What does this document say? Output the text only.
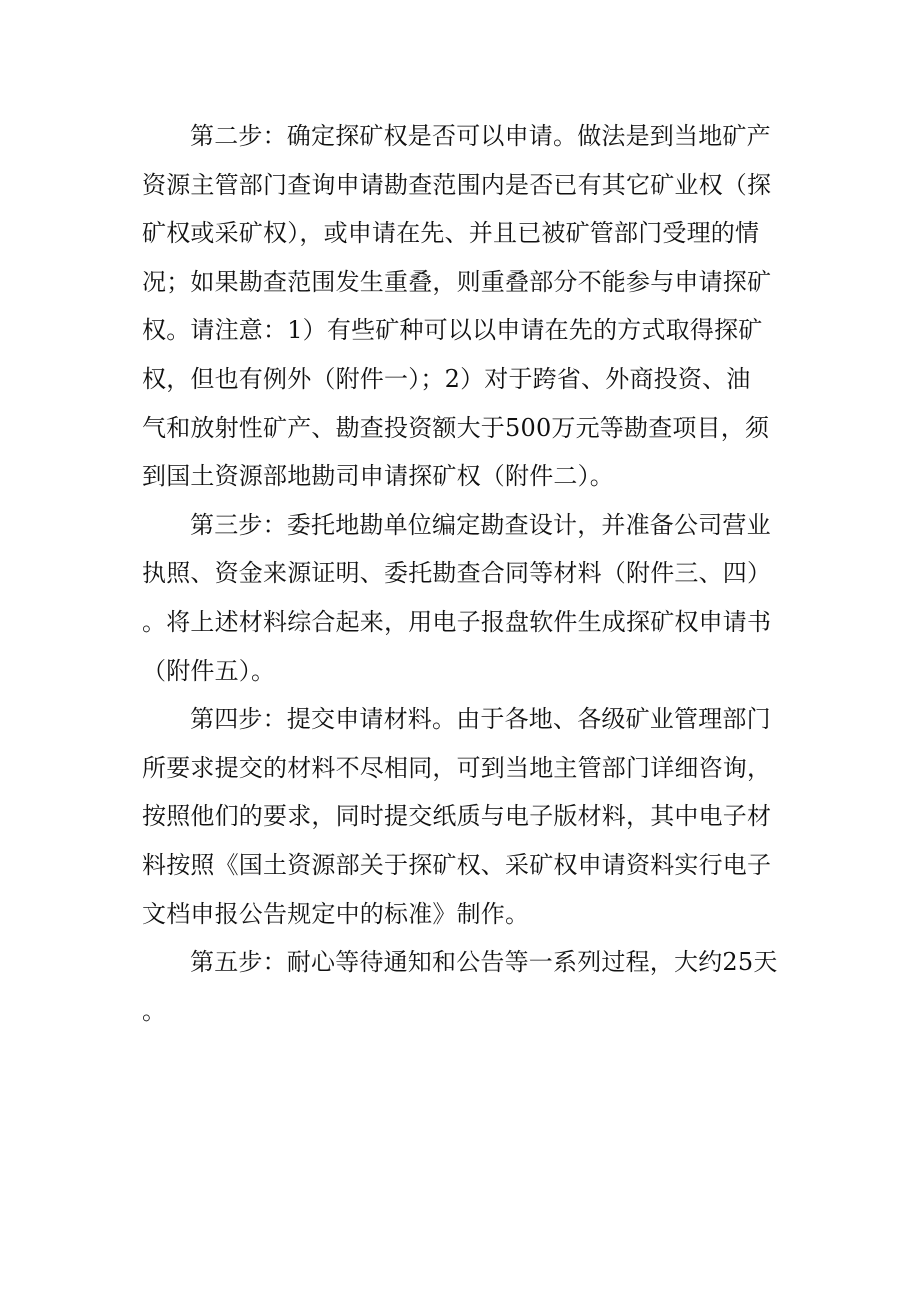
第二步：确定探矿权是否可以申请。做法是到当地矿产
资源主管部门查询申请勘查范围内是否已有其它矿业权（探
矿权或采矿权），或申请在先、并且已被矿管部门受理的情
况；如果勘查范围发生重叠，则重叠部分不能参与申请探矿
权。请注意：1）有些矿种可以以申请在先的方式取得探矿
权，但也有例外（附件一）；2）对于跨省、外商投资、油
气和放射性矿产、勘查投资额大于500万元等勘查项目，须
到国土资源部地勘司申请探矿权（附件二）。
第三步：委托地勘单位编定勘查设计，并准备公司营业
执照、资金来源证明、委托勘查合同等材料（附件三、四）
。将上述材料综合起来，用电子报盘软件生成探矿权申请书
（附件五）。
第四步：提交申请材料。由于各地、各级矿业管理部门
所要求提交的材料不尽相同，可到当地主管部门详细咨询，
按照他们的要求，同时提交纸质与电子版材料，其中电子材
料按照《国土资源部关于探矿权、采矿权申请资料实行电子
文档申报公告规定中的标准》制作。
第五步：耐心等待通知和公告等一系列过程，大约25天
。
